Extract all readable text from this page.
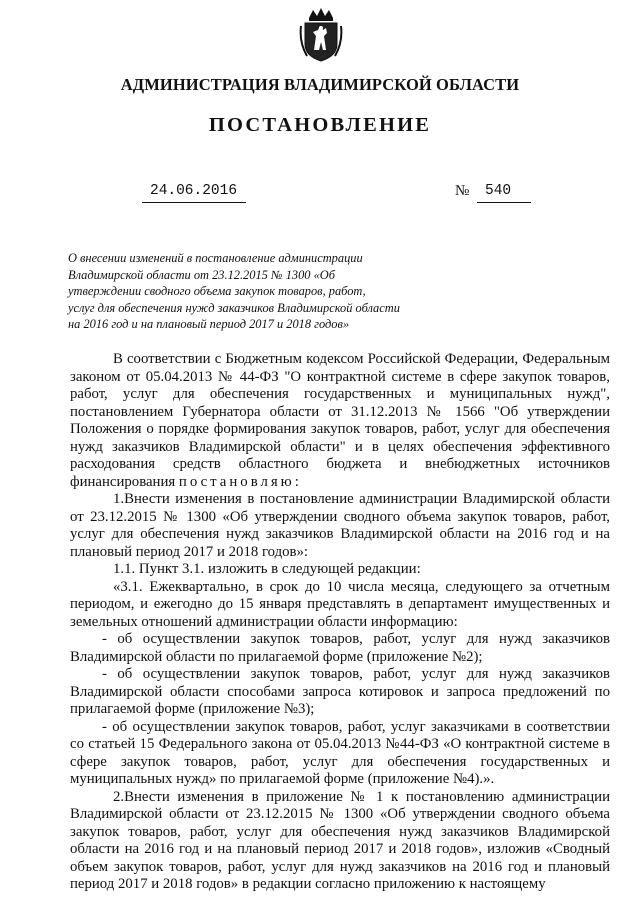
АДМИНИСТРАЦИЯ ВЛАДИМИРСКОЙ ОБЛАСТИ
ПОСТАНОВЛЕНИЕ
24.06.2016	№ 540
О внесении изменений в постановление администрации
Владимирской области от 23.12.2015 № 1300 «Об
утверждении сводного объема закупок товаров, работ,
услуг для обеспечения нужд заказчиков Владимирской области
на 2016 год и на плановый период 2017 и 2018 годов»

В соответствии с Бюджетным кодексом Российской Федерации, Федеральным законом от 05.04.2013 № 44-ФЗ "О контрактной системе в сфере закупок товаров, работ, услуг для обеспечения государственных и муниципальных нужд", постановлением Губернатора области от 31.12.2013 № 1566 "Об утверждении Положения о порядке формирования закупок товаров, работ, услуг для обеспечения нужд заказчиков Владимирской области" и в целях обеспечения эффективного расходования средств областного бюджета и внебюджетных источников финансирования постановляю:

1.Внести изменения в постановление администрации Владимирской области от 23.12.2015 № 1300 «Об утверждении сводного объема закупок товаров, работ, услуг для обеспечения нужд заказчиков Владимирской области на 2016 год и на плановый период 2017 и 2018 годов»:

1.1. Пункт 3.1. изложить в следующей редакции:

«3.1. Ежеквартально, в срок до 10 числа месяца, следующего за отчетным периодом, и ежегодно до 15 января представлять в департамент имущественных и земельных отношений администрации области информацию:

- об осуществлении закупок товаров, работ, услуг для нужд заказчиков Владимирской области по прилагаемой форме (приложение №2);

- об осуществлении закупок товаров, работ, услуг для нужд заказчиков Владимирской области способами запроса котировок и запроса предложений по прилагаемой форме (приложение №3);

- об осуществлении закупок товаров, работ, услуг заказчиками в соответствии со статьей 15 Федерального закона от 05.04.2013 №44-ФЗ «О контрактной системе в сфере закупок товаров, работ, услуг для обеспечения государственных и муниципальных нужд» по прилагаемой форме (приложение №4).».

2.Внести изменения в приложение № 1 к постановлению администрации Владимирской области от 23.12.2015 № 1300 «Об утверждении сводного объема закупок товаров, работ, услуг для обеспечения нужд заказчиков Владимирской области на 2016 год и на плановый период 2017 и 2018 годов», изложив «Сводный объем закупок товаров, работ, услуг для нужд заказчиков на 2016 год и плановый период 2017 и 2018 годов» в редакции согласно приложению к настоящему
